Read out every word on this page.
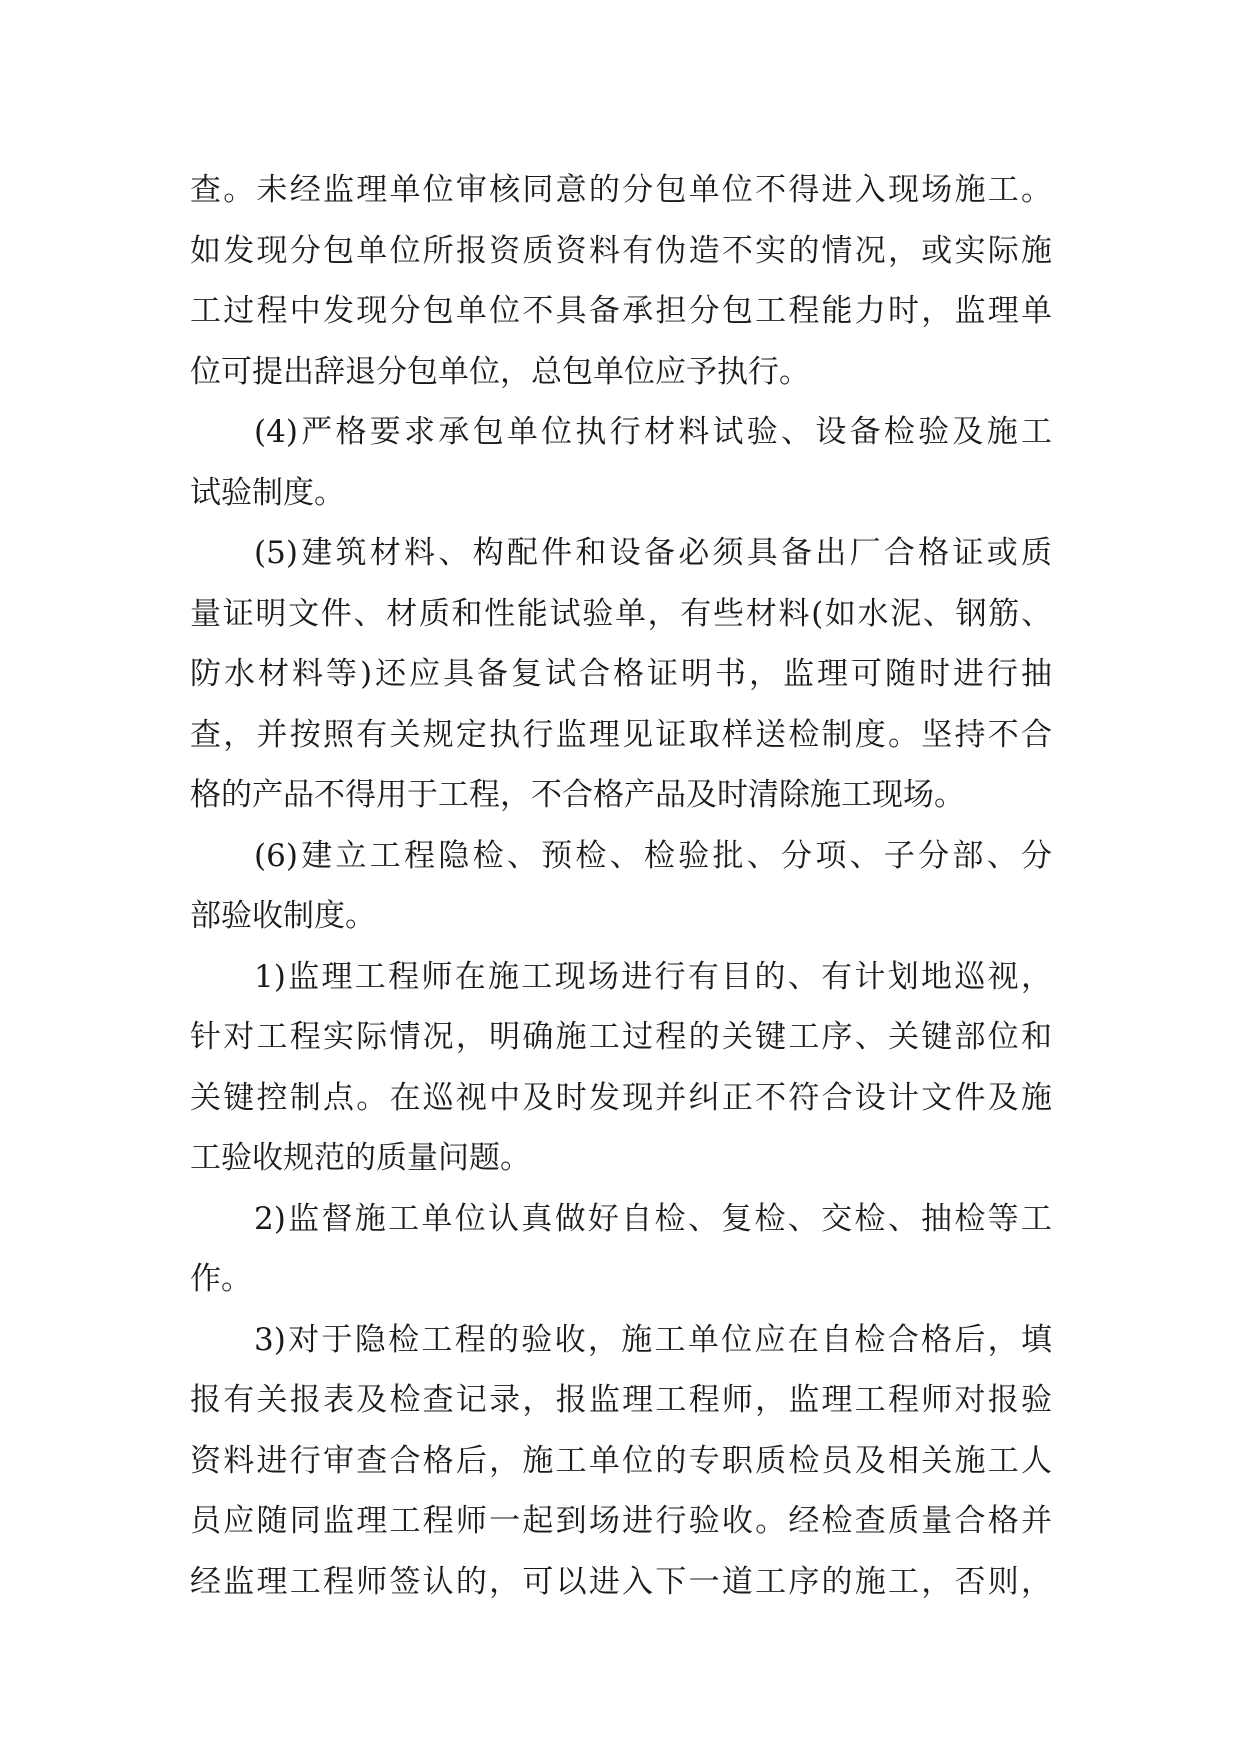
查。未经监理单位审核同意的分包单位不得进入现场施工。
如发现分包单位所报资质资料有伪造不实的情况，或实际施
工过程中发现分包单位不具备承担分包工程能力时，监理单
位可提出辞退分包单位，总包单位应予执行。
(4)严格要求承包单位执行材料试验、设备检验及施工
试验制度。
(5)建筑材料、构配件和设备必须具备出厂合格证或质
量证明文件、材质和性能试验单，有些材料(如水泥、钢筋、
防水材料等)还应具备复试合格证明书，监理可随时进行抽
查，并按照有关规定执行监理见证取样送检制度。坚持不合
格的产品不得用于工程，不合格产品及时清除施工现场。
(6)建立工程隐检、预检、检验批、分项、子分部、分
部验收制度。
1)监理工程师在施工现场进行有目的、有计划地巡视，
针对工程实际情况，明确施工过程的关键工序、关键部位和
关键控制点。在巡视中及时发现并纠正不符合设计文件及施
工验收规范的质量问题。
2)监督施工单位认真做好自检、复检、交检、抽检等工
作。
3)对于隐检工程的验收，施工单位应在自检合格后，填
报有关报表及检查记录，报监理工程师，监理工程师对报验
资料进行审查合格后，施工单位的专职质检员及相关施工人
员应随同监理工程师一起到场进行验收。经检查质量合格并
经监理工程师签认的，可以进入下一道工序的施工，否则，
